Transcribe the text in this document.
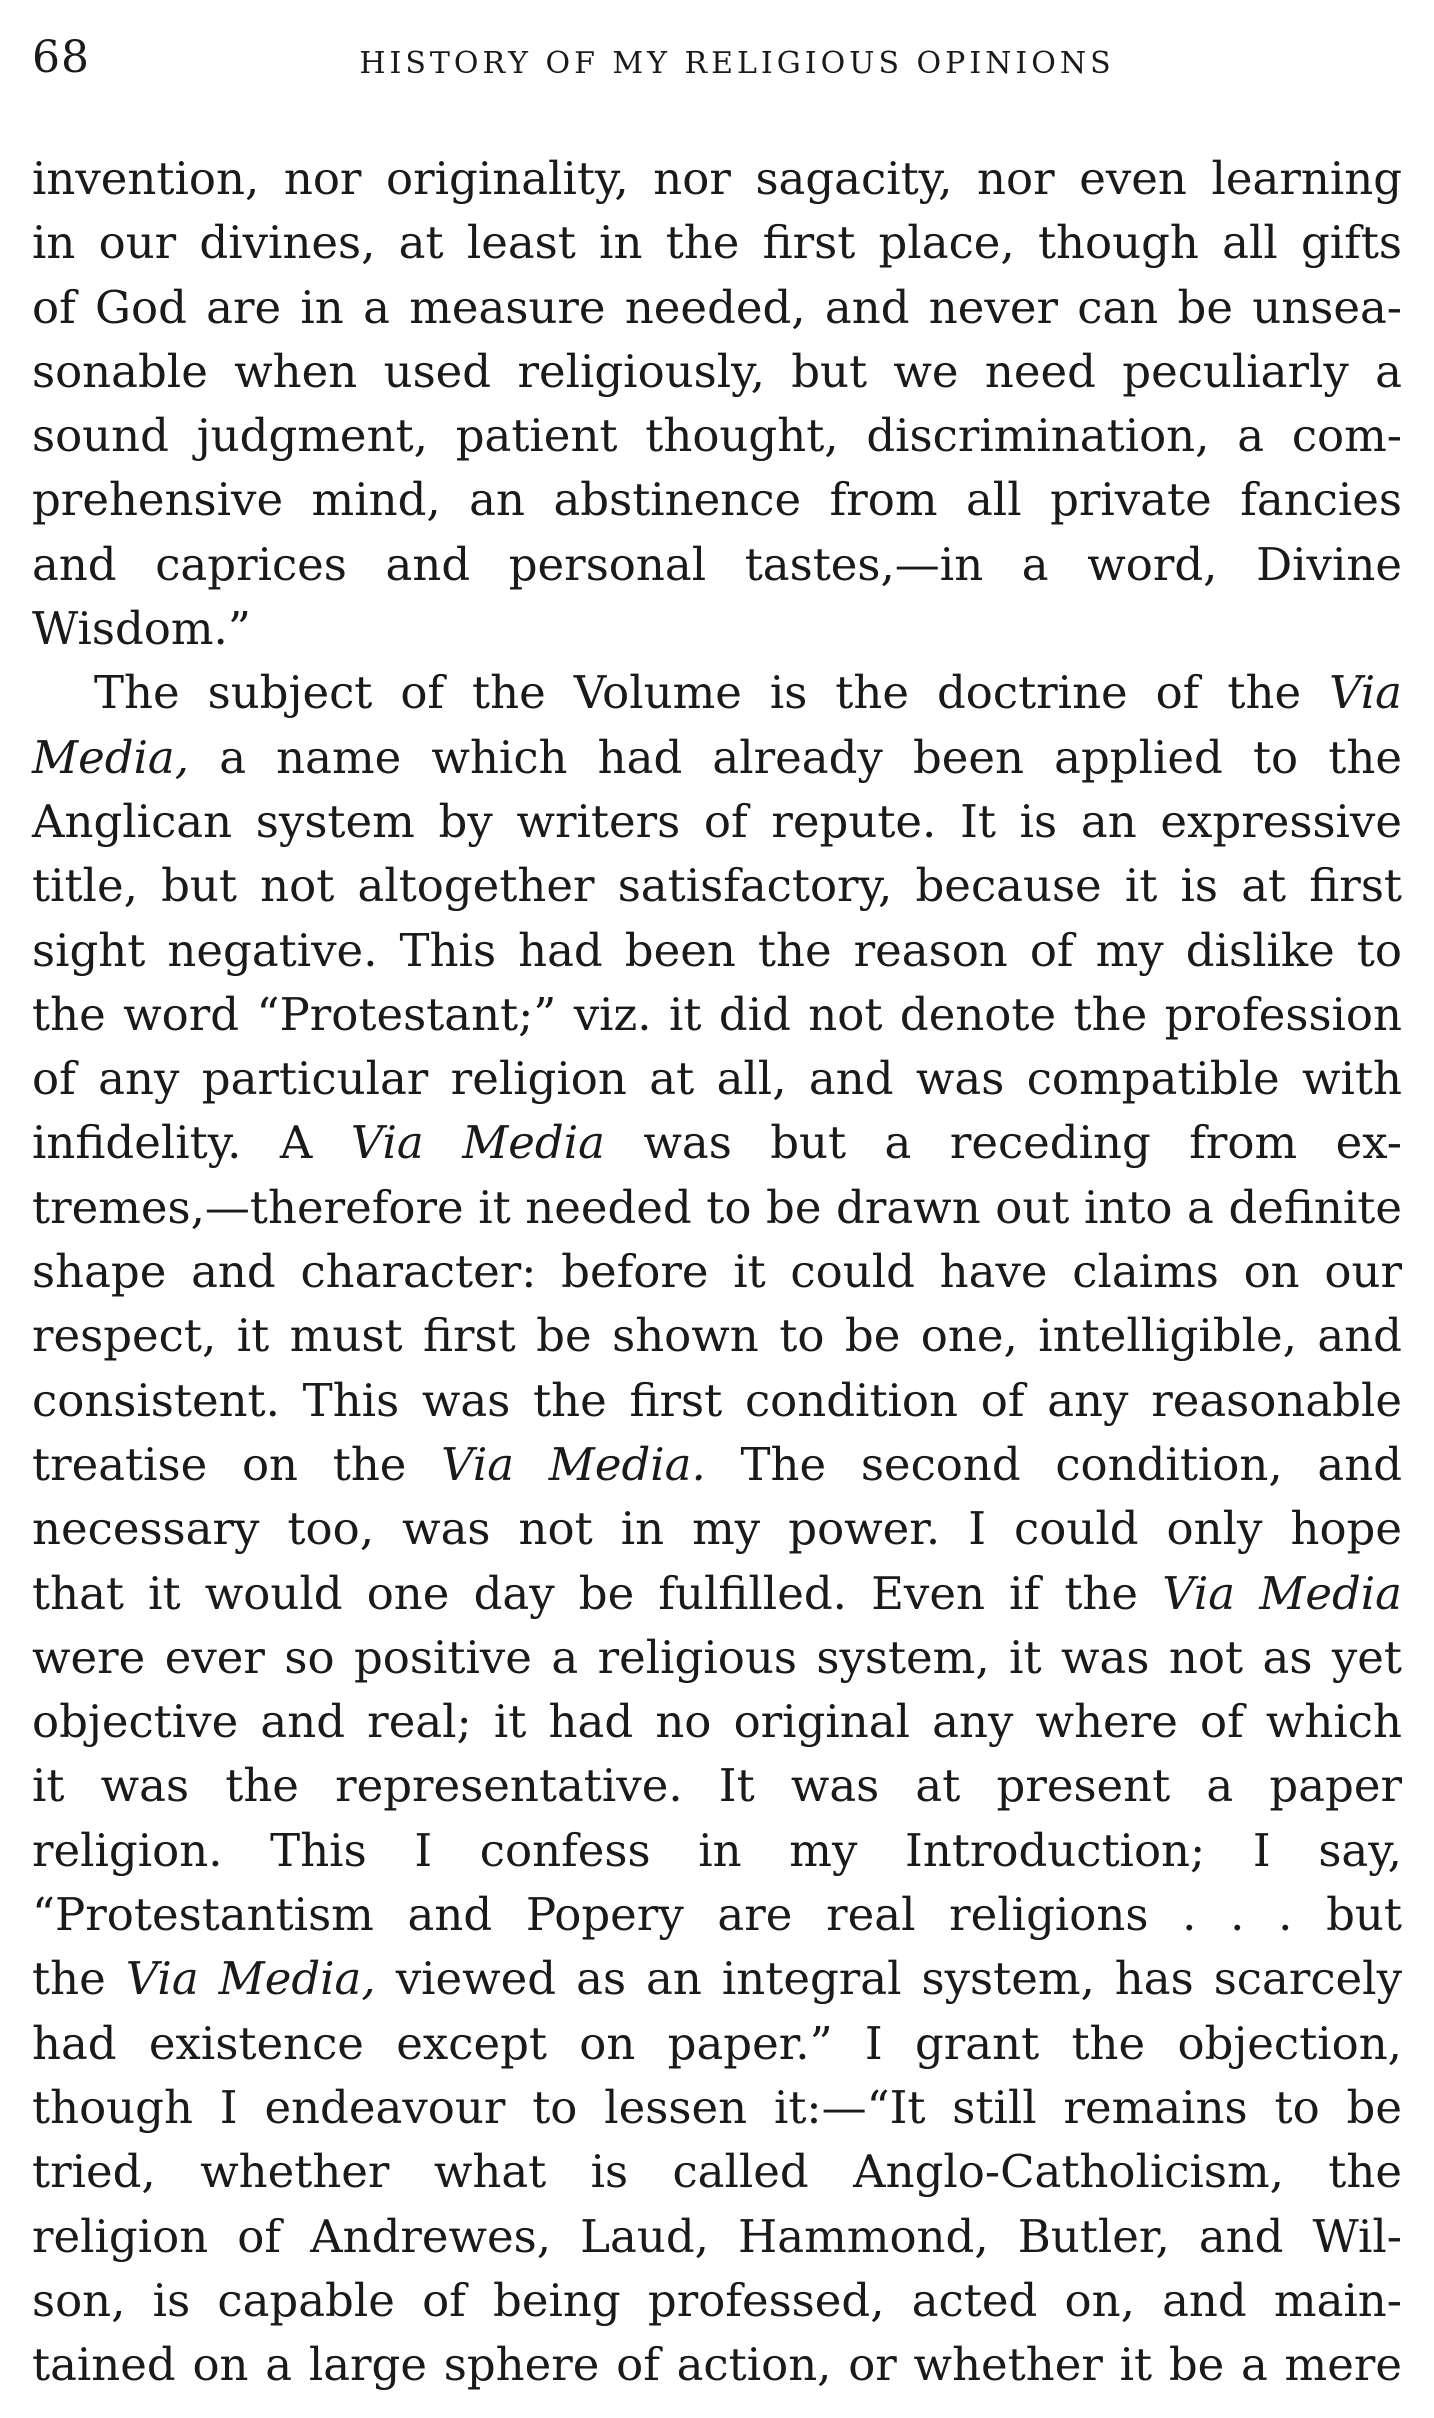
68	HISTORY OF MY RELIGIOUS OPINIONS
invention, nor originality, nor sagacity, nor even learning
in our divines, at least in the first place, though all gifts
of God are in a measure needed, and never can be unsea-
sonable when used religiously, but we need peculiarly a
sound judgment, patient thought, discrimination, a com-
prehensive mind, an abstinence from all private fancies
and caprices and personal tastes,—in a word, Divine
Wisdom.”
The subject of the Volume is the doctrine of the Via
Media, a name which had already been applied to the
Anglican system by writers of repute. It is an expressive
title, but not altogether satisfactory, because it is at first
sight negative. This had been the reason of my dislike to
the word “Protestant;” viz. it did not denote the profession
of any particular religion at all, and was compatible with
infidelity. A Via Media was but a receding from ex-
tremes,—therefore it needed to be drawn out into a definite
shape and character: before it could have claims on our
respect, it must first be shown to be one, intelligible, and
consistent. This was the first condition of any reasonable
treatise on the Via Media. The second condition, and
necessary too, was not in my power. I could only hope
that it would one day be fulfilled. Even if the Via Media
were ever so positive a religious system, it was not as yet
objective and real; it had no original any where of which
it was the representative. It was at present a paper
religion. This I confess in my Introduction; I say,
“Protestantism and Popery are real religions . . . but
the Via Media, viewed as an integral system, has scarcely
had existence except on paper.” I grant the objection,
though I endeavour to lessen it:—“It still remains to be
tried, whether what is called Anglo-Catholicism, the
religion of Andrewes, Laud, Hammond, Butler, and Wil-
son, is capable of being professed, acted on, and main-
tained on a large sphere of action, or whether it be a mere
